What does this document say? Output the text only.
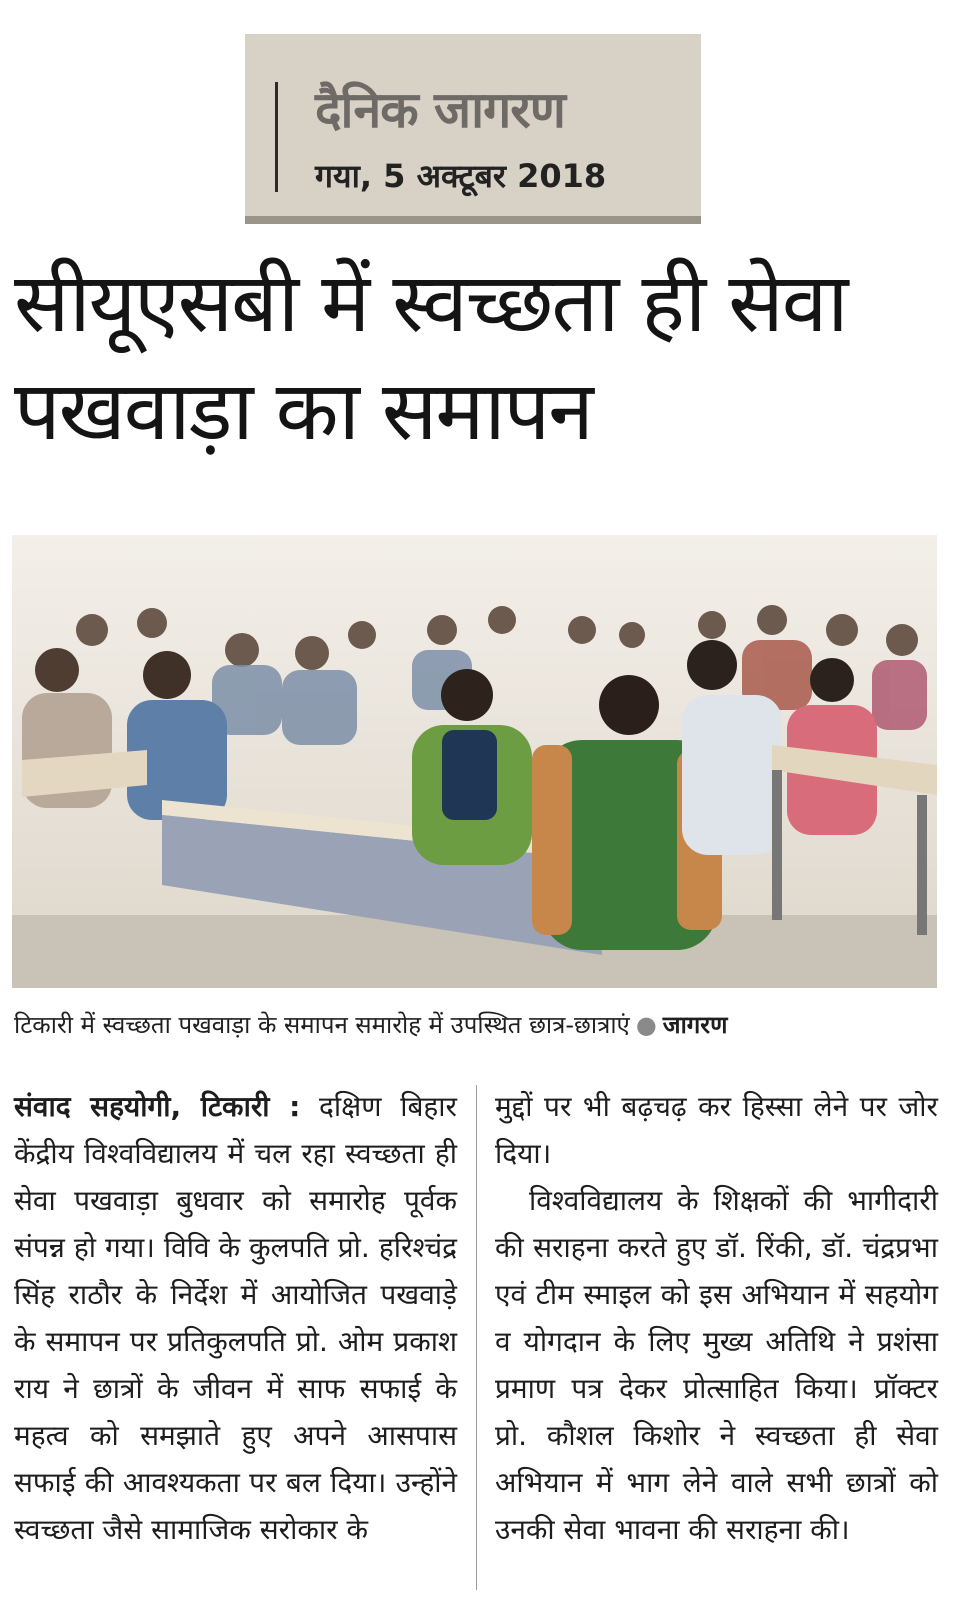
दैनिक जागरण
गया, 5 अक्टूबर 2018
सीयूएसबी में स्वच्छता ही सेवा पखवाड़ा का समापन
टिकारी में स्वच्छता पखवाड़ा के समापन समारोह में उपस्थित छात्र-छात्राएं ● जागरण

संवाद सहयोगी, टिकारी : दक्षिण बिहार केंद्रीय विश्वविद्यालय में चल रहा स्वच्छता ही सेवा पखवाड़ा बुधवार को समारोह पूर्वक संपन्न हो गया। विवि के कुलपति प्रो. हरिश्चंद्र सिंह राठौर के निर्देश में आयोजित पखवाड़े के समापन पर प्रतिकुलपति प्रो. ओम प्रकाश राय ने छात्रों के जीवन में साफ सफाई के महत्व को समझाते हुए अपने आसपास सफाई की आवश्यकता पर बल दिया। उन्होंने स्वच्छता जैसे सामाजिक सरोकार के

मुद्दों पर भी बढ़चढ़ कर हिस्सा लेने पर जोर दिया।

विश्वविद्यालय के शिक्षकों की भागीदारी की सराहना करते हुए डॉ. रिंकी, डॉ. चंद्रप्रभा एवं टीम स्माइल को इस अभियान में सहयोग व योगदान के लिए मुख्य अतिथि ने प्रशंसा प्रमाण पत्र देकर प्रोत्साहित किया। प्रॉक्टर प्रो. कौशल किशोर ने स्वच्छता ही सेवा अभियान में भाग लेने वाले सभी छात्रों को उनकी सेवा भावना की सराहना की।
